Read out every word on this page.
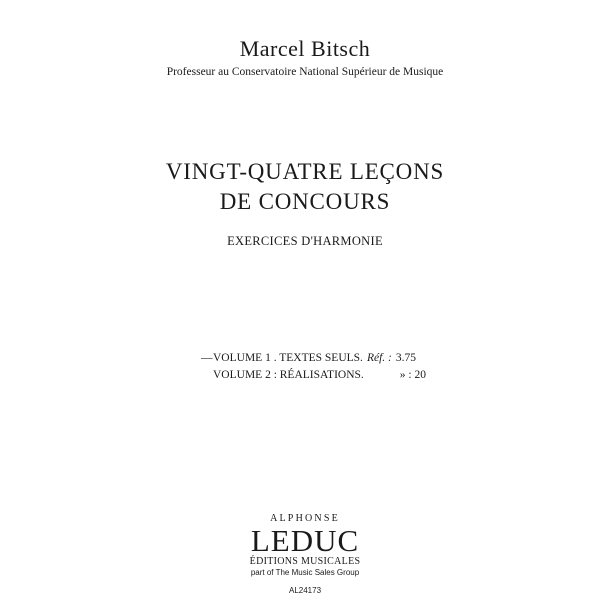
Marcel Bitsch
Professeur au Conservatoire National Supérieur de Musique
VINGT-QUATRE LEÇONS
DE CONCOURS
EXERCICES D'HARMONIE
— VOLUME 1 . TEXTES SEULS. Réf. : 3.75
VOLUME 2 : RÉALISATIONS.	» : 20
ALPHONSE
LEDUC
ÉDITIONS MUSICALES
part of The Music Sales Group
AL24173
